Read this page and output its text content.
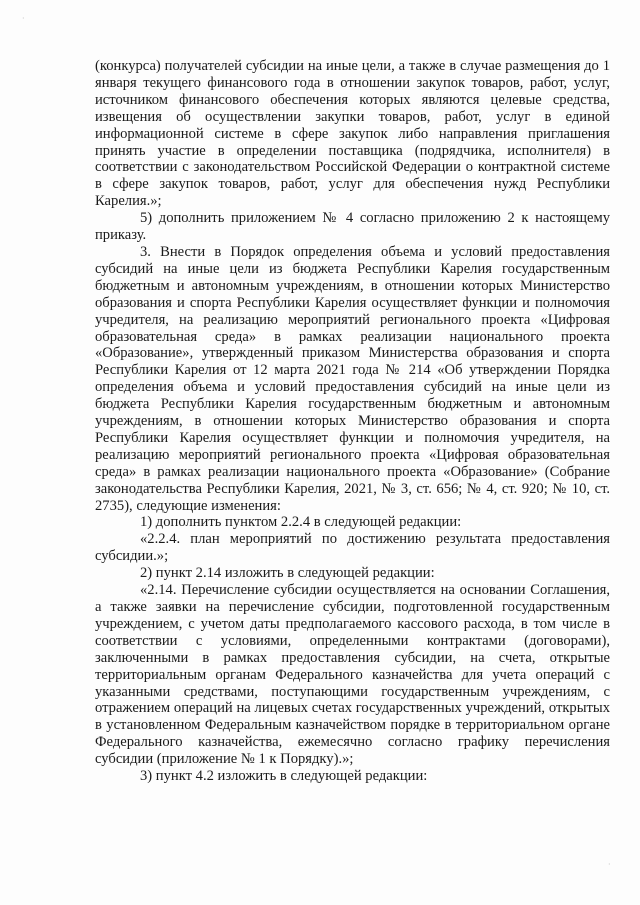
(конкурса) получателей субсидии на иные цели, а также в случае размещения до 1 января текущего финансового года в отношении закупок товаров, работ, услуг, источником финансового обеспечения которых являются целевые средства, извещения об осуществлении закупки товаров, работ, услуг в единой информационной системе в сфере закупок либо направления приглашения принять участие в определении поставщика (подрядчика, исполнителя) в соответствии с законодательством Российской Федерации о контрактной системе в сфере закупок товаров, работ, услуг для обеспечения нужд Республики Карелия.»;

5) дополнить приложением № 4 согласно приложению 2 к настоящему приказу.

3. Внести в Порядок определения объема и условий предоставления субсидий на иные цели из бюджета Республики Карелия государственным бюджетным и автономным учреждениям, в отношении которых Министерство образования и спорта Республики Карелия осуществляет функции и полномочия учредителя, на реализацию мероприятий регионального проекта «Цифровая образовательная среда» в рамках реализации национального проекта «Образование», утвержденный приказом Министерства образования и спорта Республики Карелия от 12 марта 2021 года № 214 «Об утверждении Порядка определения объема и условий предоставления субсидий на иные цели из бюджета Республики Карелия государственным бюджетным и автономным учреждениям, в отношении которых Министерство образования и спорта Республики Карелия осуществляет функции и полномочия учредителя, на реализацию мероприятий регионального проекта «Цифровая образовательная среда» в рамках реализации национального проекта «Образование» (Собрание законодательства Республики Карелия, 2021, № 3, ст. 656; № 4, ст. 920; № 10, ст. 2735), следующие изменения:

1) дополнить пунктом 2.2.4 в следующей редакции:

«2.2.4. план мероприятий по достижению результата предоставления субсидии.»;

2) пункт 2.14 изложить в следующей редакции:

«2.14. Перечисление субсидии осуществляется на основании Соглашения, а также заявки на перечисление субсидии, подготовленной государственным учреждением, с учетом даты предполагаемого кассового расхода, в том числе в соответствии с условиями, определенными контрактами (договорами), заключенными в рамках предоставления субсидии, на счета, открытые территориальным органам Федерального казначейства для учета операций с указанными средствами, поступающими государственным учреждениям, с отражением операций на лицевых счетах государственных учреждений, открытых в установленном Федеральным казначейством порядке в территориальном органе Федерального казначейства, ежемесячно согласно графику перечисления субсидии (приложение № 1 к Порядку).»;

3) пункт 4.2 изложить в следующей редакции:

·
·
